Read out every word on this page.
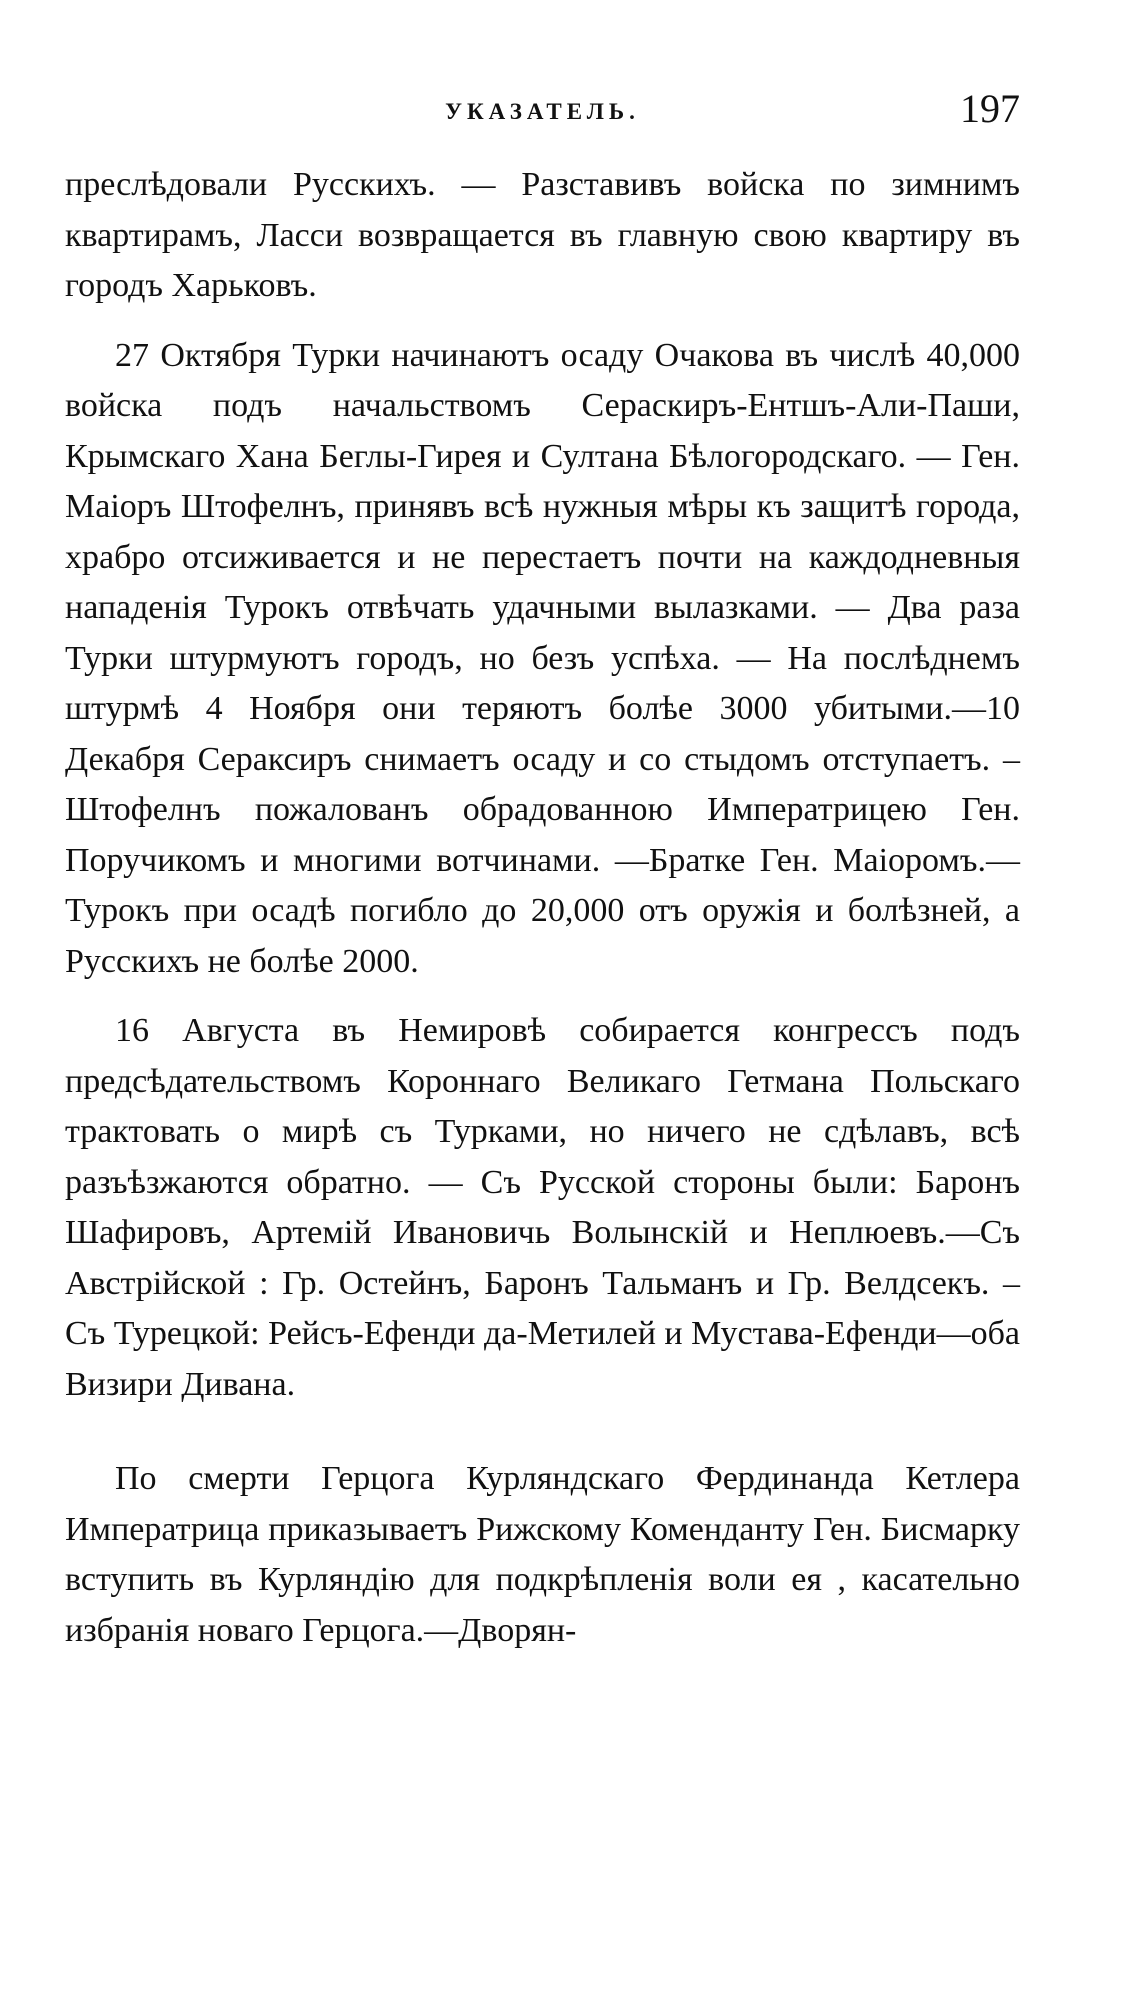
УКАЗАТЕЛЬ.	197

преслѣдовали Русскихъ. — Разставивъ войска по зимнимъ квартирамъ, Ласси возвращается въ главную свою квартиру въ городъ Харьковъ.

27 Октября Турки начинаютъ осаду Очакова въ числѣ 40,000 войска подъ начальствомъ Сераскиръ-Ентшъ-Али-Паши, Крымскаго Хана Беглы-Гирея и Султана Бѣлогородскаго. — Ген. Маіоръ Штофелнъ, принявъ всѣ нужныя мѣры къ защитѣ города, храбро отсиживается и не перестаетъ почти на каждодневныя нападенія Турокъ отвѣчать удачными вылазками. — Два раза Турки штурмуютъ городъ, но безъ успѣха. — На послѣднемъ штурмѣ 4 Ноября они теряютъ болѣе 3000 убитыми.—10 Декабря Сераксиръ снимаетъ осаду и со стыдомъ отступаетъ. – Штофелнъ пожалованъ обрадованною Императрицею Ген. Поручикомъ и многими вотчинами. —Братке Ген. Маіоромъ.—Турокъ при осадѣ погибло до 20,000 отъ оружія и болѣзней, а Русскихъ не болѣе 2000.

16 Августа въ Немировѣ собирается конгрессъ подъ предсѣдательствомъ Короннаго Великаго Гетмана Польскаго трактовать о мирѣ съ Турками, но ничего не сдѣлавъ, всѣ разъѣзжаются обратно. — Съ Русской стороны были: Баронъ Шафировъ, Артемій Ивановичь Волынскій и Неплюевъ.—Съ Австрійской : Гр. Остейнъ, Баронъ Тальманъ и Гр. Велдсекъ. – Съ Турецкой: Рейсъ-Ефенди да-Метилей и Мустава-Ефенди—оба Визири Дивана.

По смерти Герцога Курляндскаго Фердинанда Кетлера Императрица приказываетъ Рижскому Коменданту Ген. Бисмарку вступить въ Курляндію для подкрѣпленія воли ея , касательно избранія новаго Герцога.—Дворян-
